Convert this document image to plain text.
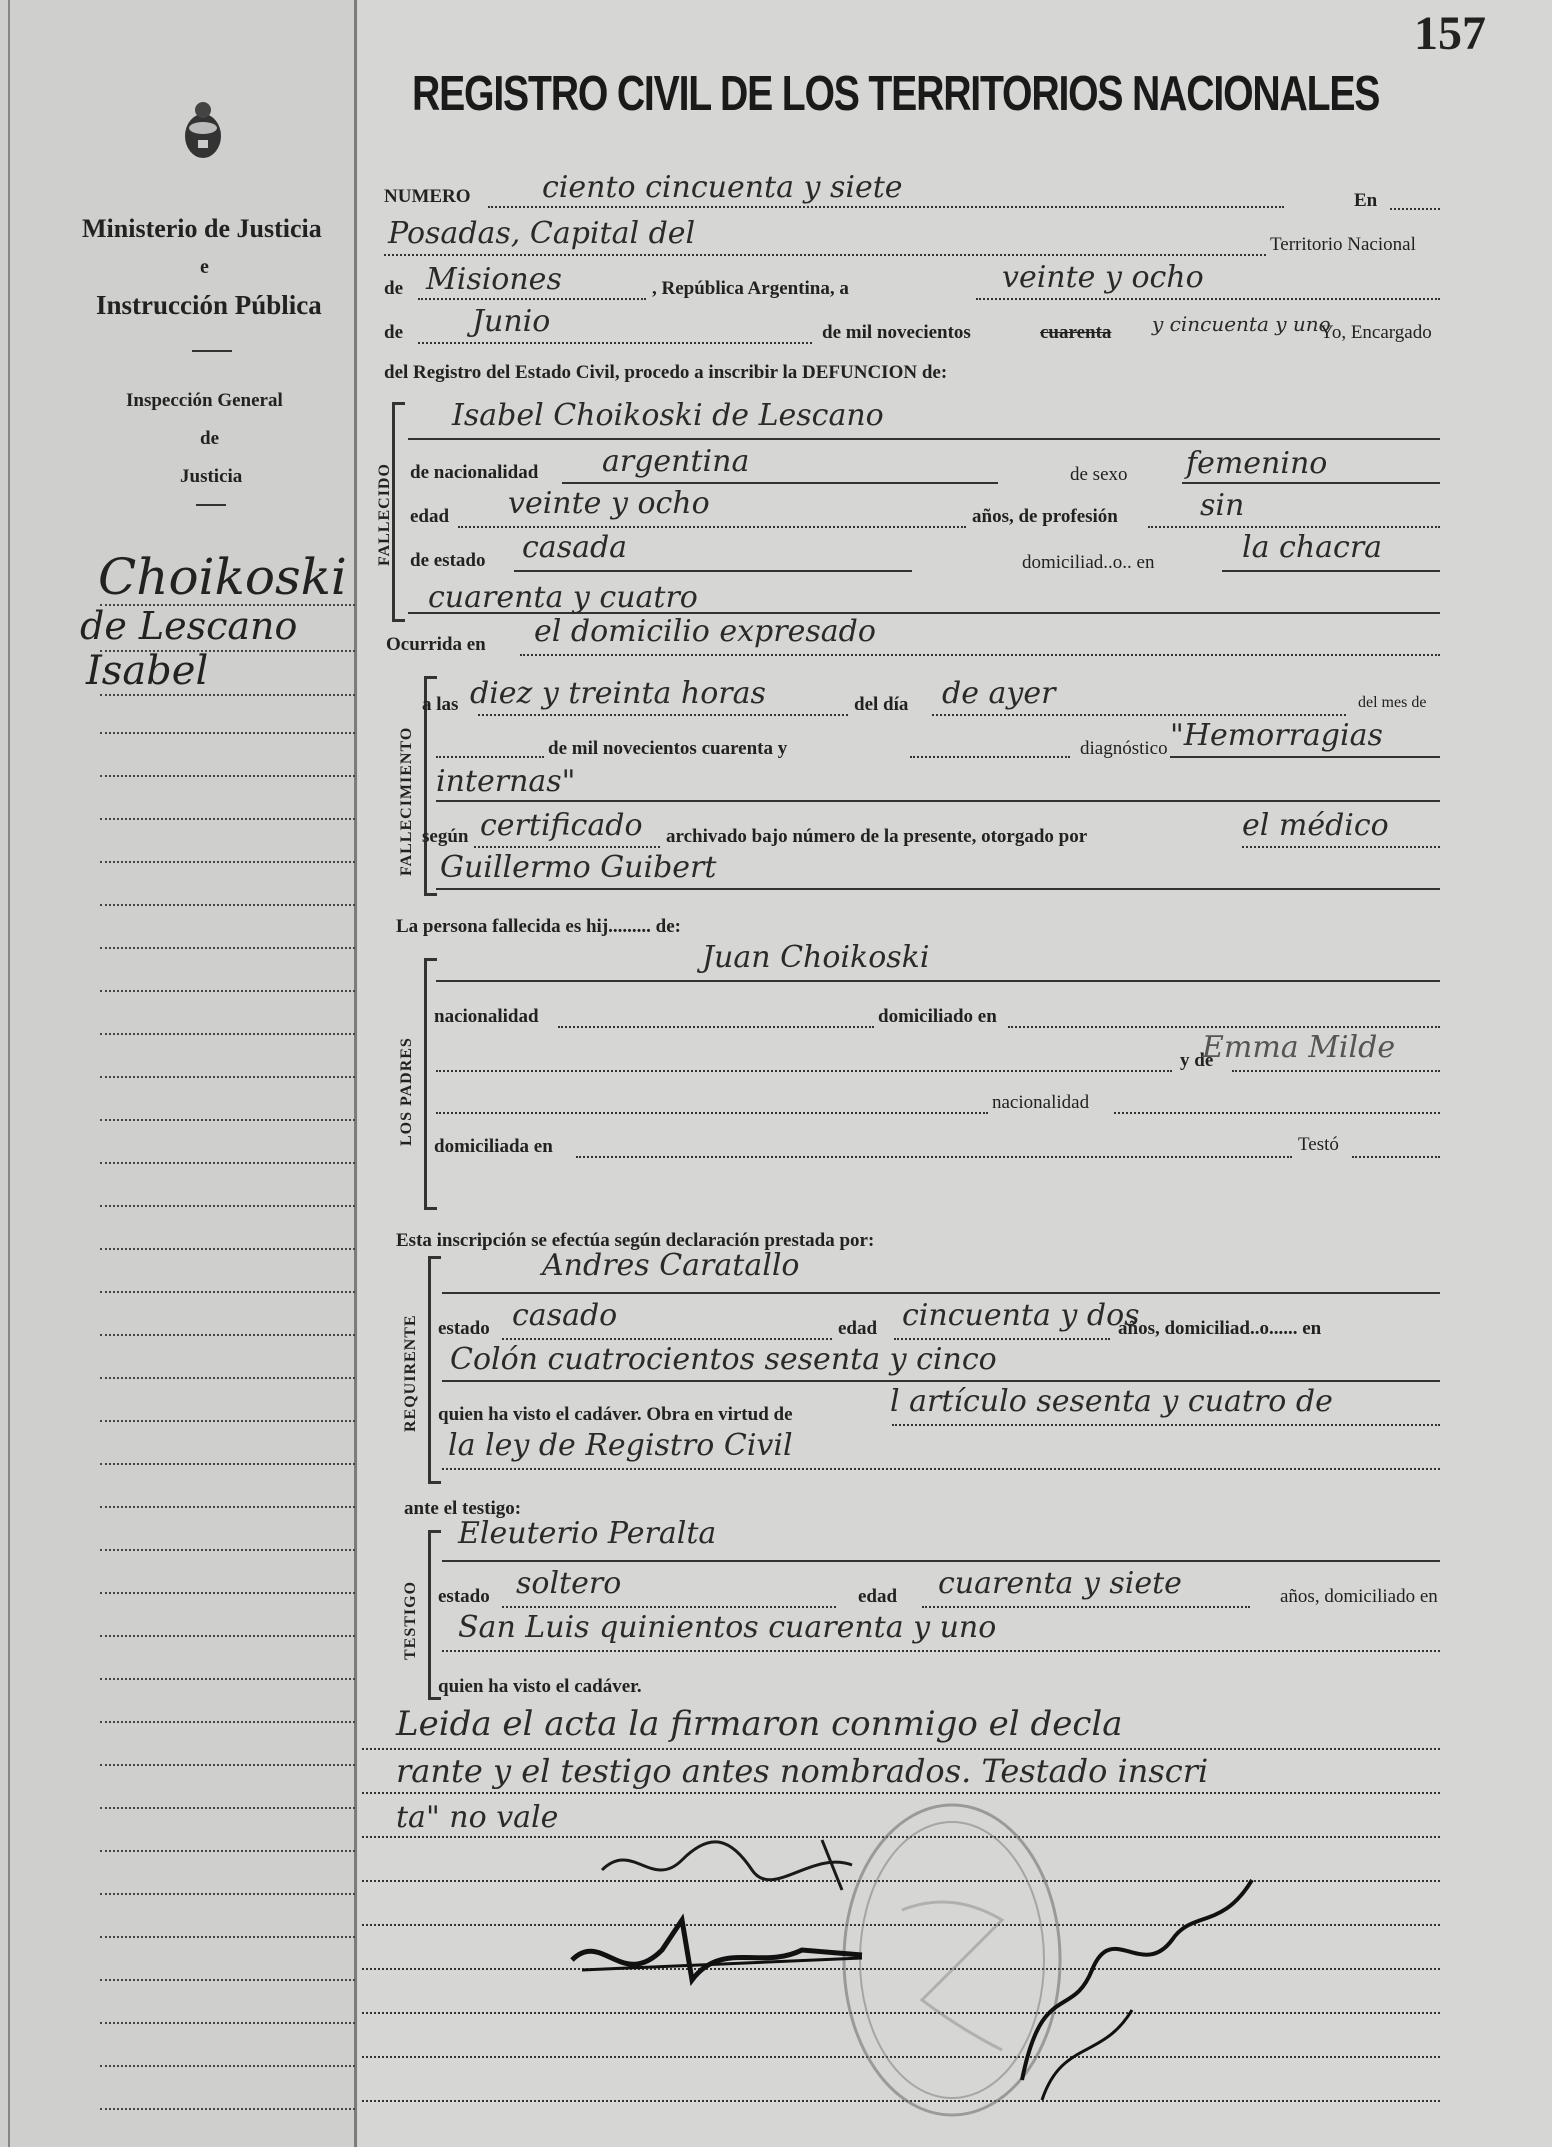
Ministerio de Justicia
e
Instrucción Pública
Inspección General
de
Justicia
Choikoski
de Lescano
Isabel
157
REGISTRO CIVIL DE LOS TERRITORIOS NACIONALES
NUMERO ciento cincuenta y siete	En
Posadas, Capital del	Territorio Nacional
de Misiones	, República Argentina, a	veinte y ocho
de Junio	de mil novecientos	cuarenta y cincuenta y uno
Yo, Encargado
del Registro del Estado Civil, procedo a inscribir la DEFUNCION de:
FALLECIDO
Isabel Choikoski de Lescano
de nacionalidad argentina	de sexo femenino
edad veinte y ocho	años, de profesión	sin
de estado casada	domiciliad..o.. en	la chacra
cuarenta y cuatro
Ocurrida en el domicilio expresado
FALLECIMIENTO
a las diez y treinta horas	del día de ayer	del mes de
de mil novecientos cuarenta y	diagnóstico "Hemorragias
internas"
según certificado archivado bajo número de la presente, otorgado por	el médico
Guillermo Guibert
La persona fallecida es hij......... de:
LOS PADRES
Juan Choikoski
nacionalidad	domiciliado en
y de
Emma Milde
nacionalidad
domiciliada en	Testó
Esta inscripción se efectúa según declaración prestada por:
REQUIRENTE
Andres Caratallo
estado casado	edad cincuenta y dos
años, domiciliad..o...... en
Colón cuatrocientos sesenta y cinco
quien ha visto el cadáver. Obra en virtud de	l artículo sesenta y cuatro de
la ley de Registro Civil
ante el testigo:
TESTIGO
Eleuterio Peralta
estado soltero	edad cuarenta y siete	años, domiciliado en
San Luis quinientos cuarenta y uno
quien ha visto el cadáver.
Leida el acta la firmaron conmigo el decla
rante y el testigo antes nombrados. Testado inscri
ta" no vale
